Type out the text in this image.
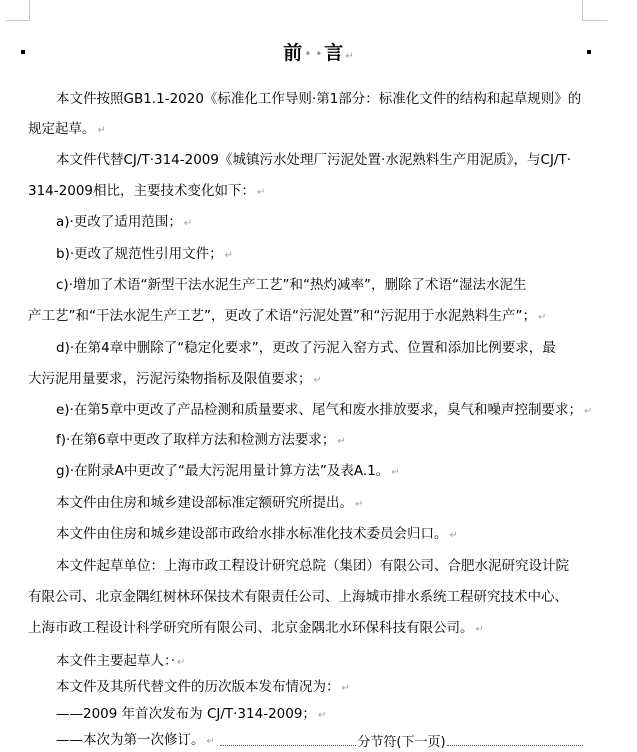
前 • • 言 ↵
本文件按照GB1.1-2020《标准化工作导则·第1部分：标准化文件的结构和起草规则》的
规定起草。 ↵
本文件代替CJ/T·314-2009《城镇污水处理厂污泥处置·水泥熟料生产用泥质》，与CJ/T·
314-2009相比，主要技术变化如下： ↵
a)·更改了适用范围； ↵
b)·更改了规范性引用文件； ↵
c)·增加了术语“新型干法水泥生产工艺”和“热灼减率”，删除了术语“湿法水泥生
产工艺”和“干法水泥生产工艺”，更改了术语“污泥处置”和“污泥用于水泥熟料生产”； ↵
d)·在第4章中删除了“稳定化要求”，更改了污泥入窑方式、位置和添加比例要求，最
大污泥用量要求，污泥污染物指标及限值要求； ↵
e)·在第5章中更改了产品检测和质量要求、尾气和废水排放要求，臭气和噪声控制要求； ↵
f)·在第6章中更改了取样方法和检测方法要求； ↵
g)·在附录A中更改了“最大污泥用量计算方法”及表A.1。 ↵
本文件由住房和城乡建设部标准定额研究所提出。 ↵
本文件由住房和城乡建设部市政给水排水标准化技术委员会归口。 ↵
本文件起草单位：上海市政工程设计研究总院（集团）有限公司、合肥水泥研究设计院
有限公司、北京金隅红树林环保技术有限责任公司、上海城市排水系统工程研究技术中心、
上海市政工程设计科学研究所有限公司、北京金隅北水环保科技有限公司。 ↵
本文件主要起草人：· ↵
本文件及其所代替文件的历次版本发布情况为： ↵
——2009 年首次发布为 CJ/T·314-2009； ↵
——本次为第一次修订。 ↵	分节符(下一页)
